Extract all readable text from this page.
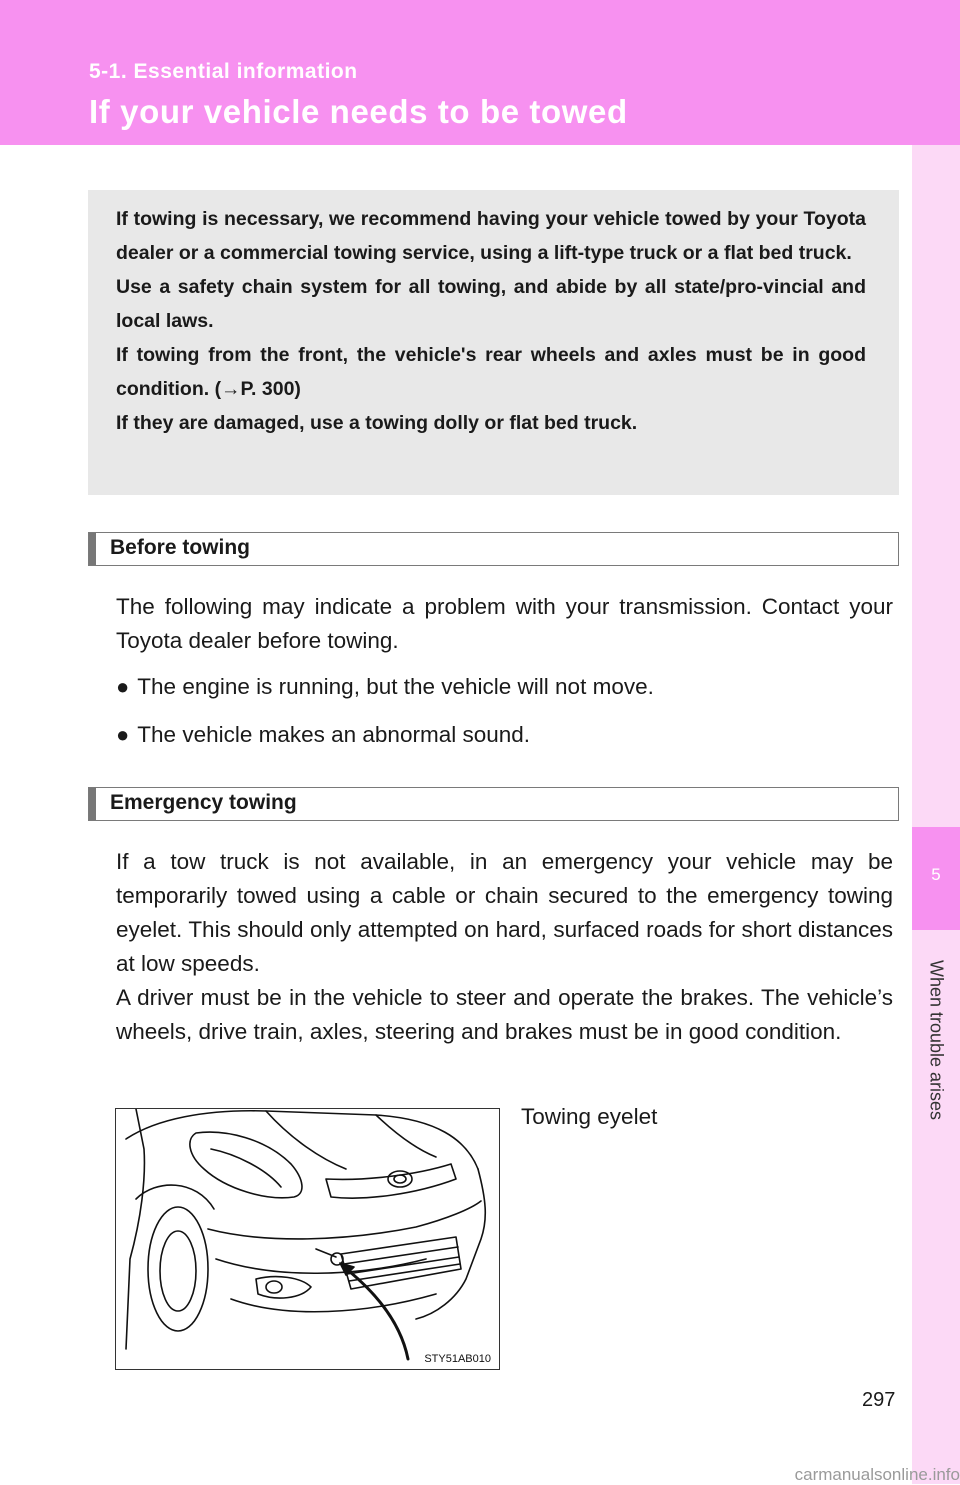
5-1. Essential information
If your vehicle needs to be towed
5
When trouble arises

If towing is necessary, we recommend having your vehicle towed by your Toyota dealer or a commercial towing service, using a lift-type truck or a flat bed truck.

Use a safety chain system for all towing, and abide by all state/pro-vincial and local laws.

If towing from the front, the vehicle's rear wheels and axles must be in good condition. (→P. 300)

If they are damaged, use a towing dolly or flat bed truck.

Before towing

The following may indicate a problem with your transmission. Contact your Toyota dealer before towing.

● The engine is running, but the vehicle will not move.
● The vehicle makes an abnormal sound.
Emergency towing

If a tow truck is not available, in an emergency your vehicle may be temporarily towed using a cable or chain secured to the emergency towing eyelet. This should only attempted on hard, surfaced roads for short distances at low speeds.

A driver must be in the vehicle to steer and operate the brakes. The vehicle’s wheels, drive train, axles, steering and brakes must be in good condition.

STY51AB010
Towing eyelet
297
carmanualsonline.info
